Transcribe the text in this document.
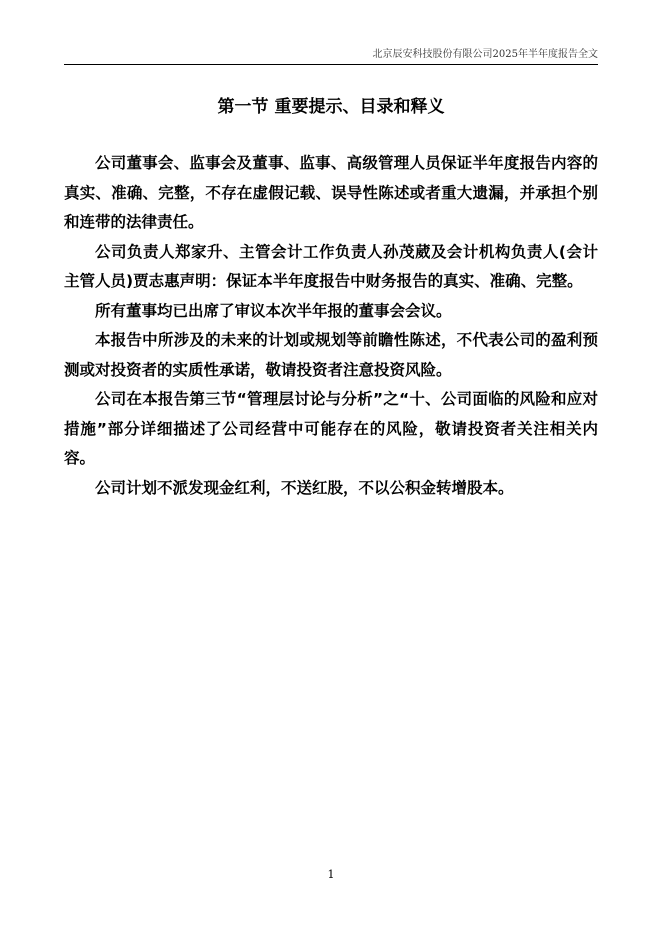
北京辰安科技股份有限公司2025年半年度报告全文
第一节 重要提示、目录和释义

公司董事会、监事会及董事、监事、高级管理人员保证半年度报告内容的真实、准确、完整，不存在虚假记载、误导性陈述或者重大遗漏，并承担个别和连带的法律责任。

公司负责人郑家升、主管会计工作负责人孙茂葳及会计机构负责人(会计主管人员)贾志惠声明：保证本半年度报告中财务报告的真实、准确、完整。

所有董事均已出席了审议本次半年报的董事会会议。

本报告中所涉及的未来的计划或规划等前瞻性陈述，不代表公司的盈利预测或对投资者的实质性承诺，敬请投资者注意投资风险。

公司在本报告第三节“管理层讨论与分析”之“十、公司面临的风险和应对措施”部分详细描述了公司经营中可能存在的风险，敬请投资者关注相关内容。

公司计划不派发现金红利，不送红股，不以公积金转增股本。

1
